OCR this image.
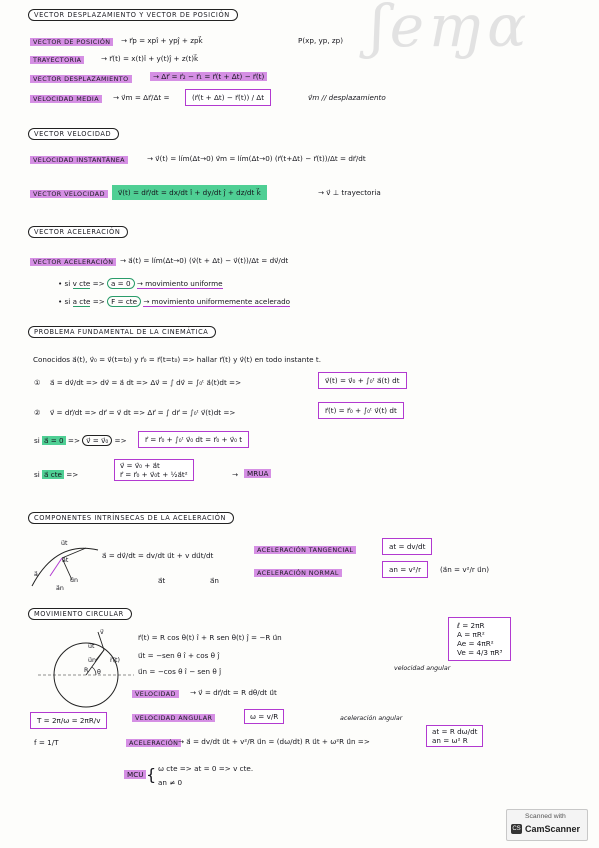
ʃeɱɑ
VECTOR DESPLAZAMIENTO Y VECTOR DE POSICIÓN
VECTOR DE POSICIÓN	→ r⃗p = xpî + ypĵ + zpk⃗	P(xp, yp, zp)
TRAYECTORIA	→ r⃗(t) = x(t)î + y(t)ĵ + z(t)k⃗
VECTOR DESPLAZAMIENTO	→ Δr⃗ = r⃗₂ − r⃗₁ = r⃗(t + Δt) − r⃗(t)
VELOCIDAD MEDIA	→ v⃗m = Δr⃗/Δt =	(r⃗(t + Δt) − r⃗(t)) / Δt	v⃗m // desplazamiento
VECTOR VELOCIDAD
VELOCIDAD INSTANTÁNEA	→ v⃗(t) = lím(Δt→0) v⃗m = lím(Δt→0) (r⃗(t+Δt) − r⃗(t))/Δt = dr⃗/dt
VECTOR VELOCIDAD	v⃗(t) = dr⃗/dt = dx/dt î + dy/dt ĵ + dz/dt k⃗	→ v⃗ ⊥ trayectoria
VECTOR ACELERACIÓN
VECTOR ACELERACIÓN → a⃗(t) = lím(Δt→0) (v⃗(t + Δt) − v⃗(t))/Δt = dv⃗/dt
• si v cte => a = 0 → movimiento uniforme
• si a cte => F = cte → movimiento uniformemente acelerado
PROBLEMA FUNDAMENTAL DE LA CINEMÁTICA
Conocidos a⃗(t), v⃗₀ = v⃗(t=t₀) y r⃗₀ = r⃗(t=t₀) => hallar r⃗(t) y v⃗(t) en todo instante t.
① a⃗ = dv⃗/dt => dv⃗ = a⃗ dt => Δv⃗ = ∫ dv⃗ = ∫₀ᵗ a⃗(t)dt =>	v⃗(t) = v⃗₀ + ∫₀ᵗ a⃗(t) dt
② v⃗ = dr⃗/dt => dr⃗ = v⃗ dt => Δr⃗ = ∫ dr⃗ = ∫₀ᵗ v⃗(t)dt =>	r⃗(t) = r⃗₀ + ∫₀ᵗ v⃗(t) dt
si a⃗ = 0 => v⃗ = v⃗₀ =>	r⃗ = r⃗₀ + ∫₀ᵗ v⃗₀ dt = r⃗₀ + v⃗₀ t
si a⃗ cte =>
v⃗ = v⃗₀ + a⃗t
r⃗ = r⃗₀ + v⃗₀t + ½a⃗t²	→	MRUA
COMPONENTES INTRÍNSECAS DE LA ACELERACIÓN
u⃗t
u⃗n
a⃗
a⃗t
a⃗n
a⃗ = dv⃗/dt = dv/dt u⃗t + v du⃗t/dt
a⃗t	a⃗n
ACELERACIÓN TANGENCIAL	at = dv/dt
ACELERACIÓN NORMAL	an = v²/r	(a⃗n = v²/r u⃗n)
MOVIMIENTO CIRCULAR
v⃗
u⃗t
u⃗n r⃗(t)
R θ
r⃗(t) = R cos θ(t) î + R sen θ(t) ĵ = −R u⃗n
u⃗t = −sen θ î + cos θ ĵ
u⃗n = −cos θ î − sen θ ĵ
ℓ = 2πR
A = πR²
Ae = 4πR²
Ve = 4/3 πR³
velocidad angular
VELOCIDAD	→ v⃗ = dr⃗/dt = R dθ/dt u⃗t
T = 2π/ω = 2πR/v
f = 1/T
VELOCIDAD ANGULAR	ω = v/R	aceleración angular
ACELERACIÓN → a⃗ = dv/dt u⃗t + v²/R u⃗n = (dω/dt) R u⃗t + ω²R u⃗n =>
at = R dω/dt
an = ω² R
MCU { ω cte => at = 0 => v cte.
an ≠ 0
Scanned with
CS CamScanner
